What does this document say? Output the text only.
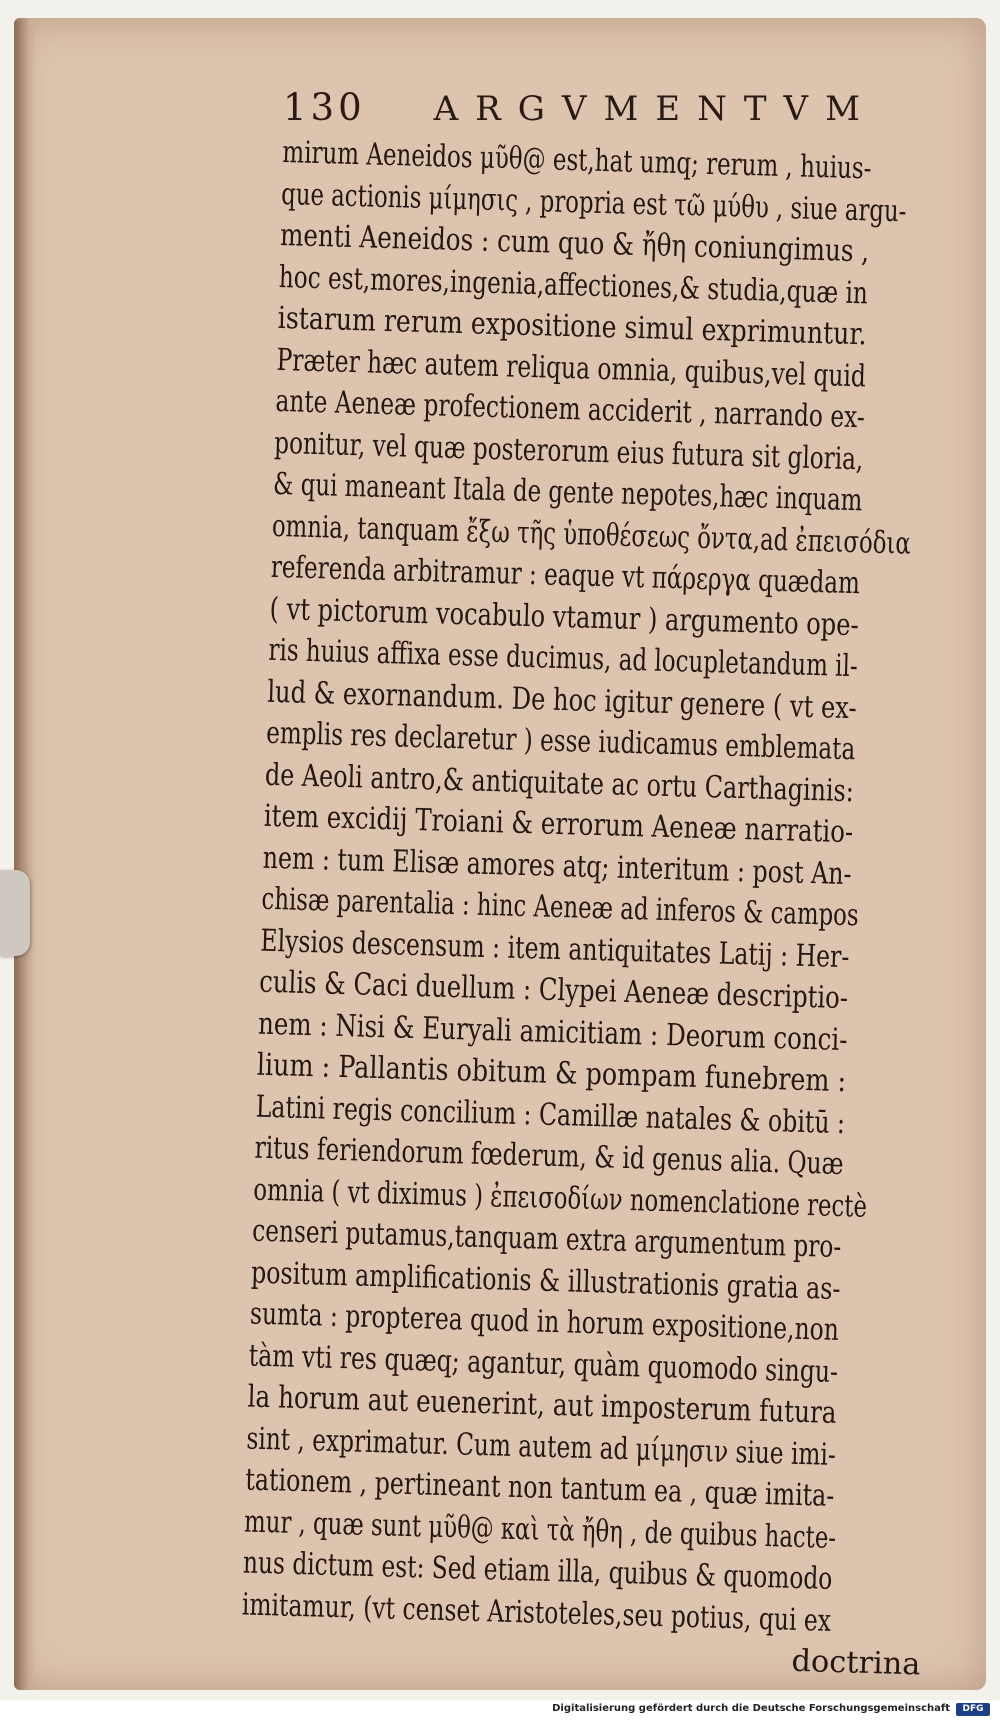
130 ARGVMENTVM
mirum Aeneidos μῦθ@ est,hat umq; rerum , huius-
que actionis μίμησις , propria est τῶ μύθυ , siue argu-
menti Aeneidos : cum quo & ἤθη coniungimus ,
hoc est,mores,ingenia,affectiones,& studia,quæ in
istarum rerum expositione simul exprimuntur.
Præter hæc autem reliqua omnia, quibus,vel quid
ante Aeneæ profectionem acciderit , narrando ex-
ponitur, vel quæ posterorum eius futura sit gloria,
& qui maneant Itala de gente nepotes,hæc inquam
omnia, tanquam ἔξω τῆς ὑποθέσεως ὄντα,ad ἐπεισόδια
referenda arbitramur : eaque vt πάρεργα quædam
( vt pictorum vocabulo vtamur ) argumento ope-
ris huius affixa esse ducimus, ad locupletandum il-
lud & exornandum. De hoc igitur genere ( vt ex-
emplis res declaretur ) esse iudicamus emblemata
de Aeoli antro,& antiquitate ac ortu Carthaginis:
item excidij Troiani & errorum Aeneæ narratio-
nem : tum Elisæ amores atq; interitum : post An-
chisæ parentalia : hinc Aeneæ ad inferos & campos
Elysios descensum : item antiquitates Latij : Her-
culis & Caci duellum : Clypei Aeneæ descriptio-
nem : Nisi & Euryali amicitiam : Deorum conci-
lium : Pallantis obitum & pompam funebrem :
Latini regis concilium : Camillæ natales & obitū :
ritus feriendorum fœderum, & id genus alia. Quæ
omnia ( vt diximus ) ἐπεισοδίων nomenclatione rectè
censeri putamus,tanquam extra argumentum pro-
positum amplificationis & illustrationis gratia as-
sumta : propterea quod in horum expositione,non
tàm vti res quæq; agantur, quàm quomodo singu-
la horum aut euenerint, aut imposterum futura
sint , exprimatur. Cum autem ad μίμησιν siue imi-
tationem , pertineant non tantum ea , quæ imita-
mur , quæ sunt μῦθ@ καὶ τὰ ἤθη , de quibus hacte-
nus dictum est: Sed etiam illa, quibus & quomodo
imitamur, (vt censet Aristoteles,seu potius, qui ex
doctrina
Digitalisierung gefördert durch die Deutsche Forschungsgemeinschaft	DFG
